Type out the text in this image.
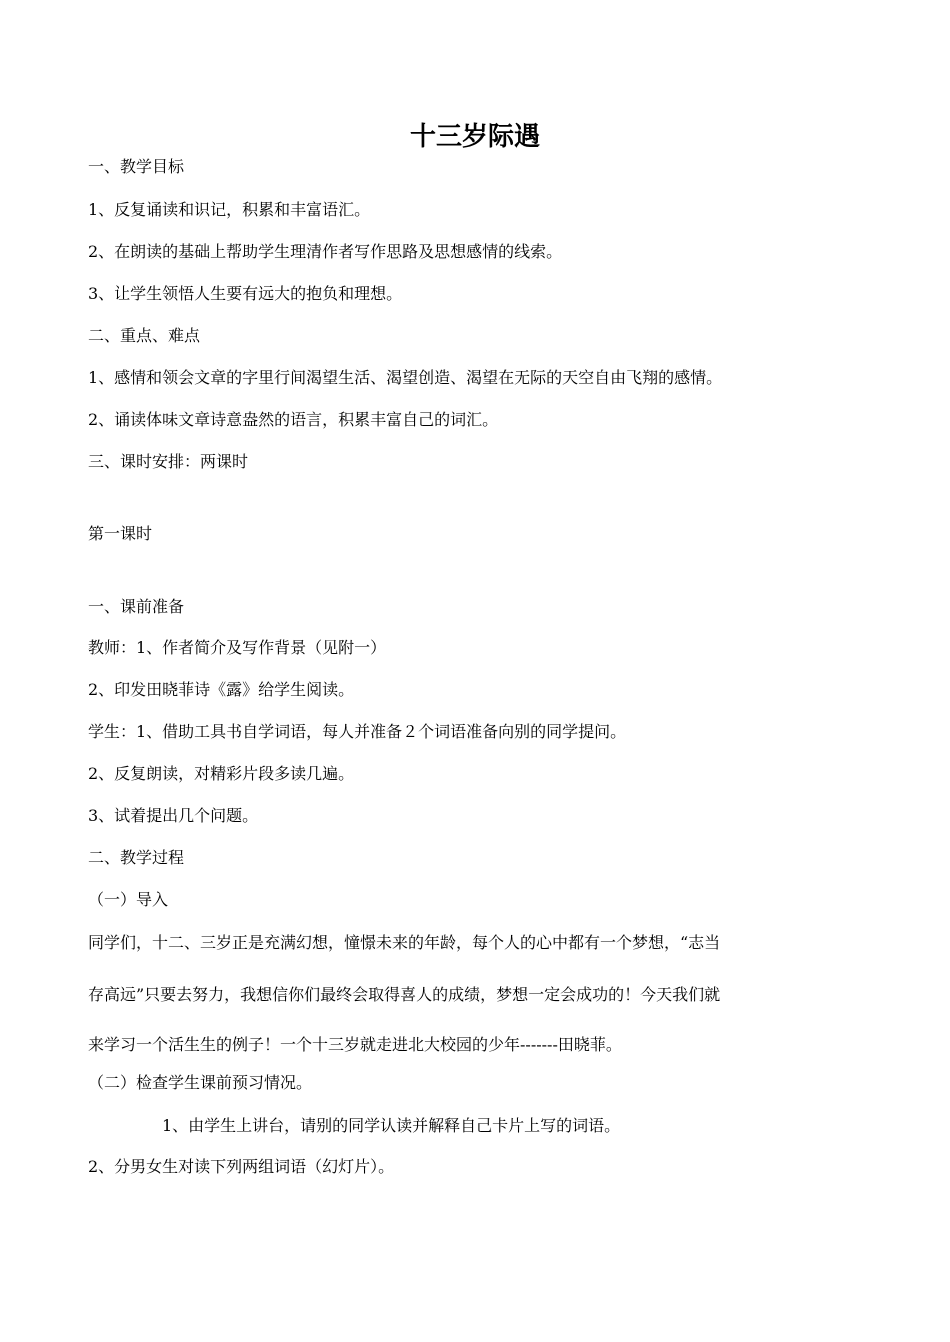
十三岁际遇

一、教学目标

1、反复诵读和识记，积累和丰富语汇。

2、在朗读的基础上帮助学生理清作者写作思路及思想感情的线索。

3、让学生领悟人生要有远大的抱负和理想。

二、重点、难点

1、感情和领会文章的字里行间渴望生活、渴望创造、渴望在无际的天空自由飞翔的感情。

2、诵读体味文章诗意盎然的语言，积累丰富自己的词汇。

三、课时安排：两课时

第一课时

一、课前准备

教师：1、作者简介及写作背景（见附一）

2、印发田晓菲诗《露》给学生阅读。

学生：1、借助工具书自学词语，每人并准备２个词语准备向别的同学提问。

2、反复朗读，对精彩片段多读几遍。

3、试着提出几个问题。

二、教学过程

（一）导入

同学们，十二、三岁正是充满幻想，憧憬未来的年龄，每个人的心中都有一个梦想，“志当
存高远”只要去努力，我想信你们最终会取得喜人的成绩，梦想一定会成功的！今天我们就
来学习一个活生生的例子！一个十三岁就走进北大校园的少年-------田晓菲。

（二）检查学生课前预习情况。

1、由学生上讲台，请别的同学认读并解释自己卡片上写的词语。

2、分男女生对读下列两组词语（幻灯片）。
